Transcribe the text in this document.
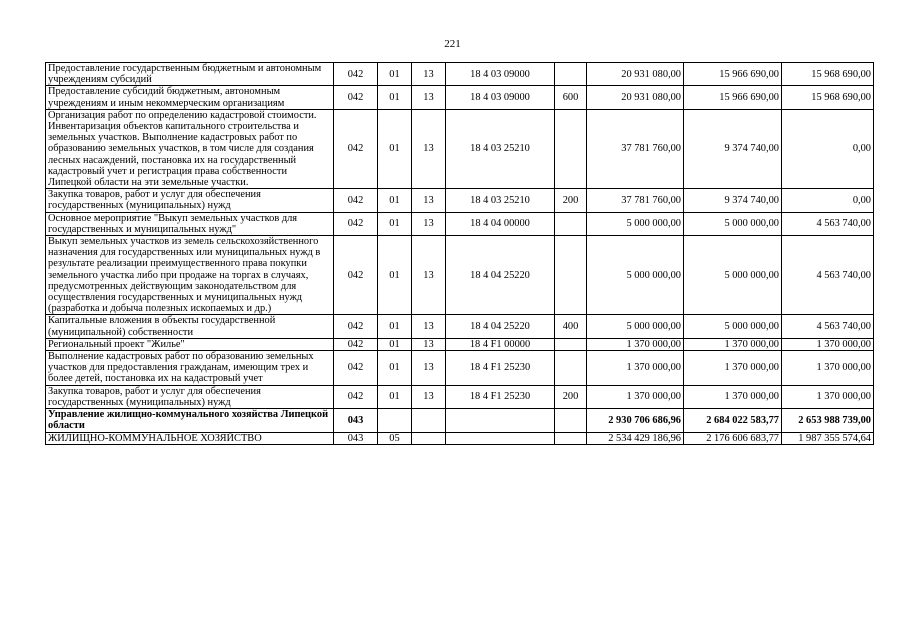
221
Предоставление государственным бюджетным и автономным учреждениям субсидий	042	01	13	18 4 03 09000		20 931 080,00	15 966 690,00	15 968 690,00
Предоставление субсидий бюджетным, автономным учреждениям и иным некоммерческим организациям	042	01	13	18 4 03 09000	600	20 931 080,00	15 966 690,00	15 968 690,00
Организация работ по определению кадастровой стоимости. Инвентаризация объектов капитального строительства и земельных участков. Выполнение кадастровых работ по образованию земельных участков, в том числе для создания лесных насаждений, постановка их на государственный кадастровый учет и регистрация права собственности Липецкой области на эти земельные участки.	042	01	13	18 4 03 25210		37 781 760,00	9 374 740,00	0,00
Закупка товаров, работ и услуг для обеспечения государственных (муниципальных) нужд	042	01	13	18 4 03 25210	200	37 781 760,00	9 374 740,00	0,00
Основное мероприятие "Выкуп земельных участков для государственных и муниципальных нужд"	042	01	13	18 4 04 00000		5 000 000,00	5 000 000,00	4 563 740,00
Выкуп земельных участков из земель сельскохозяйственного назначения для государственных или муниципальных нужд в результате реализации преимущественного права покупки земельного участка либо при продаже на торгах в случаях, предусмотренных действующим законодательством для осуществления государственных и муниципальных нужд (разработка и добыча полезных ископаемых и др.)	042	01	13	18 4 04 25220		5 000 000,00	5 000 000,00	4 563 740,00
Капитальные вложения в объекты государственной (муниципальной) собственности	042	01	13	18 4 04 25220	400	5 000 000,00	5 000 000,00	4 563 740,00
Региональный проект "Жилье"	042	01	13	18 4 F1 00000		1 370 000,00	1 370 000,00	1 370 000,00
Выполнение кадастровых работ по образованию земельных участков для предоставления гражданам, имеющим трех и более детей, постановка их на кадастровый учет	042	01	13	18 4 F1 25230		1 370 000,00	1 370 000,00	1 370 000,00
Закупка товаров, работ и услуг для обеспечения государственных (муниципальных) нужд	042	01	13	18 4 F1 25230	200	1 370 000,00	1 370 000,00	1 370 000,00
Управление жилищно-коммунального хозяйства Липецкой области	043					2 930 706 686,96	2 684 022 583,77	2 653 988 739,00
ЖИЛИЩНО-КОММУНАЛЬНОЕ ХОЗЯЙСТВО	043	05				2 534 429 186,96	2 176 606 683,77	1 987 355 574,64
